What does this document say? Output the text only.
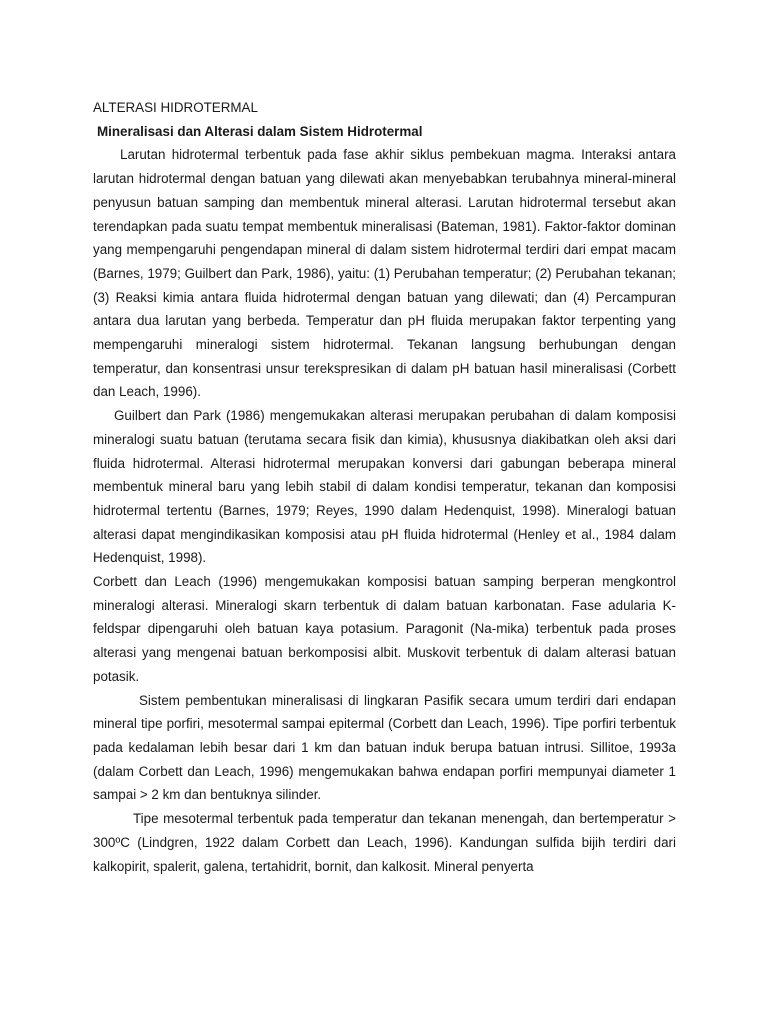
ALTERASI HIDROTERMAL
Mineralisasi dan Alterasi dalam Sistem Hidrotermal

Larutan hidrotermal terbentuk pada fase akhir siklus pembekuan magma. Interaksi antara larutan hidrotermal dengan batuan yang dilewati akan menyebabkan terubahnya mineral-mineral penyusun batuan samping dan membentuk mineral alterasi. Larutan hidrotermal tersebut akan terendapkan pada suatu tempat membentuk mineralisasi (Bateman, 1981). Faktor-faktor dominan yang mempengaruhi pengendapan mineral di dalam sistem hidrotermal terdiri dari empat macam (Barnes, 1979; Guilbert dan Park, 1986), yaitu: (1) Perubahan temperatur; (2) Perubahan tekanan; (3) Reaksi kimia antara fluida hidrotermal dengan batuan yang dilewati; dan (4) Percampuran antara dua larutan yang berbeda. Temperatur dan pH fluida merupakan faktor terpenting yang mempengaruhi mineralogi sistem hidrotermal. Tekanan langsung berhubungan dengan temperatur, dan konsentrasi unsur terekspresikan di dalam pH batuan hasil mineralisasi (Corbett dan Leach, 1996).

Guilbert dan Park (1986) mengemukakan alterasi merupakan perubahan di dalam komposisi mineralogi suatu batuan (terutama secara fisik dan kimia), khususnya diakibatkan oleh aksi dari fluida hidrotermal. Alterasi hidrotermal merupakan konversi dari gabungan beberapa mineral membentuk mineral baru yang lebih stabil di dalam kondisi temperatur, tekanan dan komposisi hidrotermal tertentu (Barnes, 1979; Reyes, 1990 dalam Hedenquist, 1998). Mineralogi batuan alterasi dapat mengindikasikan komposisi atau pH fluida hidrotermal (Henley et al., 1984 dalam Hedenquist, 1998).

Corbett dan Leach (1996) mengemukakan komposisi batuan samping berperan mengkontrol mineralogi alterasi. Mineralogi skarn terbentuk di dalam batuan karbonatan. Fase adularia K-feldspar dipengaruhi oleh batuan kaya potasium. Paragonit (Na-mika) terbentuk pada proses alterasi yang mengenai batuan berkomposisi albit. Muskovit terbentuk di dalam alterasi batuan potasik.

Sistem pembentukan mineralisasi di lingkaran Pasifik secara umum terdiri dari endapan mineral tipe porfiri, mesotermal sampai epitermal (Corbett dan Leach, 1996). Tipe porfiri terbentuk pada kedalaman lebih besar dari 1 km dan batuan induk berupa batuan intrusi. Sillitoe, 1993a (dalam Corbett dan Leach, 1996) mengemukakan bahwa endapan porfiri mempunyai diameter 1 sampai > 2 km dan bentuknya silinder.

Tipe mesotermal terbentuk pada temperatur dan tekanan menengah, dan bertemperatur > 300ºC (Lindgren, 1922 dalam Corbett dan Leach, 1996). Kandungan sulfida bijih terdiri dari kalkopirit, spalerit, galena, tertahidrit, bornit, dan kalkosit. Mineral penyerta
